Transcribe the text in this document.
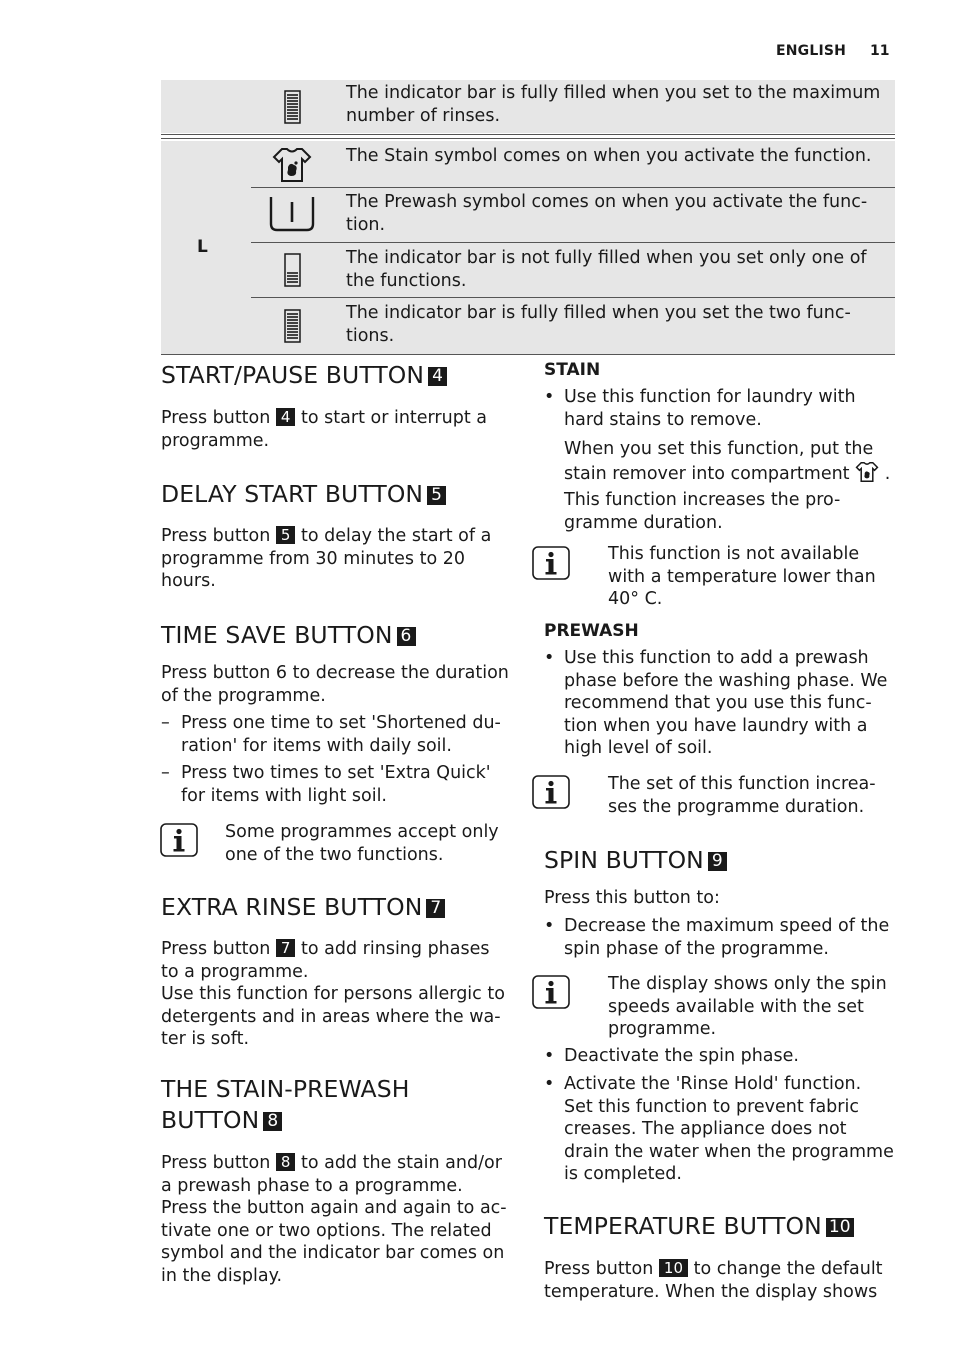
ENGLISH 11
L
The indicator bar is fully filled when you set to the maximum number of rinses.
The Stain symbol comes on when you activate the function.
The Prewash symbol comes on when you activate the func-tion.
The indicator bar is not fully filled when you set only one of the functions.
The indicator bar is fully filled when you set the two func-tions.
START/PAUSE BUTTON 4
Press button 4 to start or interrupt a
programme.
DELAY START BUTTON 5
Press button 5 to delay the start of a
programme from 30 minutes to 20
hours.
TIME SAVE BUTTON 6
Press button 6 to decrease the duration
of the programme.
– Press one time to set 'Shortened du-
ration' for items with daily soil.
– Press two times to set 'Extra Quick'
for items with light soil.
Some programmes accept only
one of the two functions.
EXTRA RINSE BUTTON 7
Press button 7 to add rinsing phases
to a programme.
Use this function for persons allergic to
detergents and in areas where the wa-
ter is soft.
THE STAIN-PREWASH
BUTTON 8
Press button 8 to add the stain and/or
a prewash phase to a programme.
Press the button again and again to ac-
tivate one or two options. The related
symbol and the indicator bar comes on
in the display.
STAIN
• Use this function for laundry with
hard stains to remove.
When you set this function, put the
stain remover into compartment .
This function increases the pro-
gramme duration.
This function is not available
with a temperature lower than
40° C.
PREWASH
• Use this function to add a prewash
phase before the washing phase. We
recommend that you use this func-
tion when you have laundry with a
high level of soil.
The set of this function increa-
ses the programme duration.
SPIN BUTTON 9
Press this button to:
• Decrease the maximum speed of the
spin phase of the programme.
The display shows only the spin
speeds available with the set
programme.
• Deactivate the spin phase.
• Activate the 'Rinse Hold' function.
Set this function to prevent fabric
creases. The appliance does not
drain the water when the programme
is completed.
TEMPERATURE BUTTON 10
Press button 10 to change the default
temperature. When the display shows
